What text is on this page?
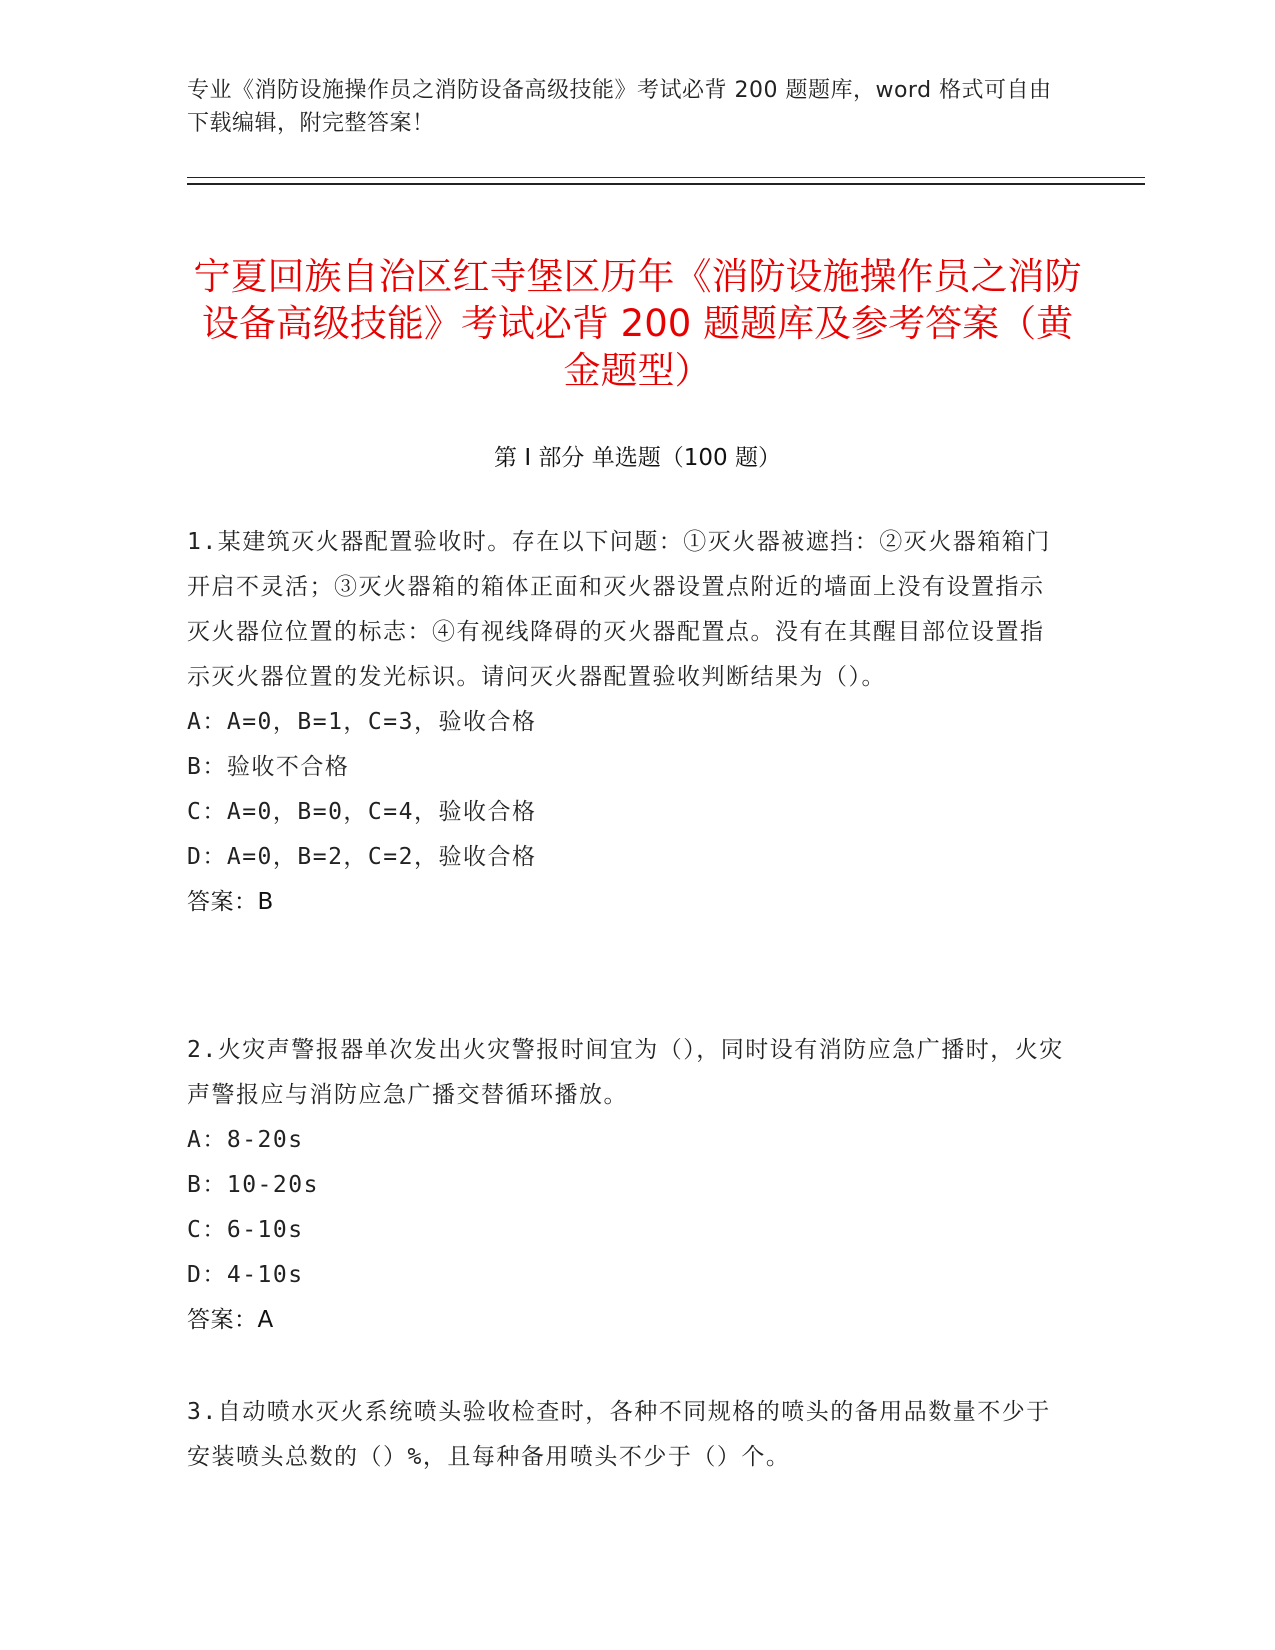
专业《消防设施操作员之消防设备高级技能》考试必背 200 题题库，word 格式可自由下载编辑，附完整答案！
宁夏回族自治区红寺堡区历年《消防设施操作员之消防设备高级技能》考试必背 200 题题库及参考答案（黄金题型）
第 I 部分 单选题（100 题）

1.某建筑灭火器配置验收时。存在以下问题：①灭火器被遮挡：②灭火器箱箱门开启不灵活；③灭火器箱的箱体正面和灭火器设置点附近的墙面上没有设置指示灭火器位位置的标志：④有视线降碍的灭火器配置点。没有在其醒目部位设置指示灭火器位置的发光标识。请问灭火器配置验收判断结果为（）。

A：A=0，B=1，C=3，验收合格

B：验收不合格

C：A=0，B=0，C=4，验收合格

D：A=0，B=2，C=2，验收合格

答案：B

2.火灾声警报器单次发出火灾警报时间宜为（），同时设有消防应急广播时，火灾声警报应与消防应急广播交替循环播放。

A：8-20s

B：10-20s

C：6-10s

D：4-10s

答案：A

3.自动喷水灭火系统喷头验收检查时，各种不同规格的喷头的备用品数量不少于安装喷头总数的（）%，且每种备用喷头不少于（）个。
